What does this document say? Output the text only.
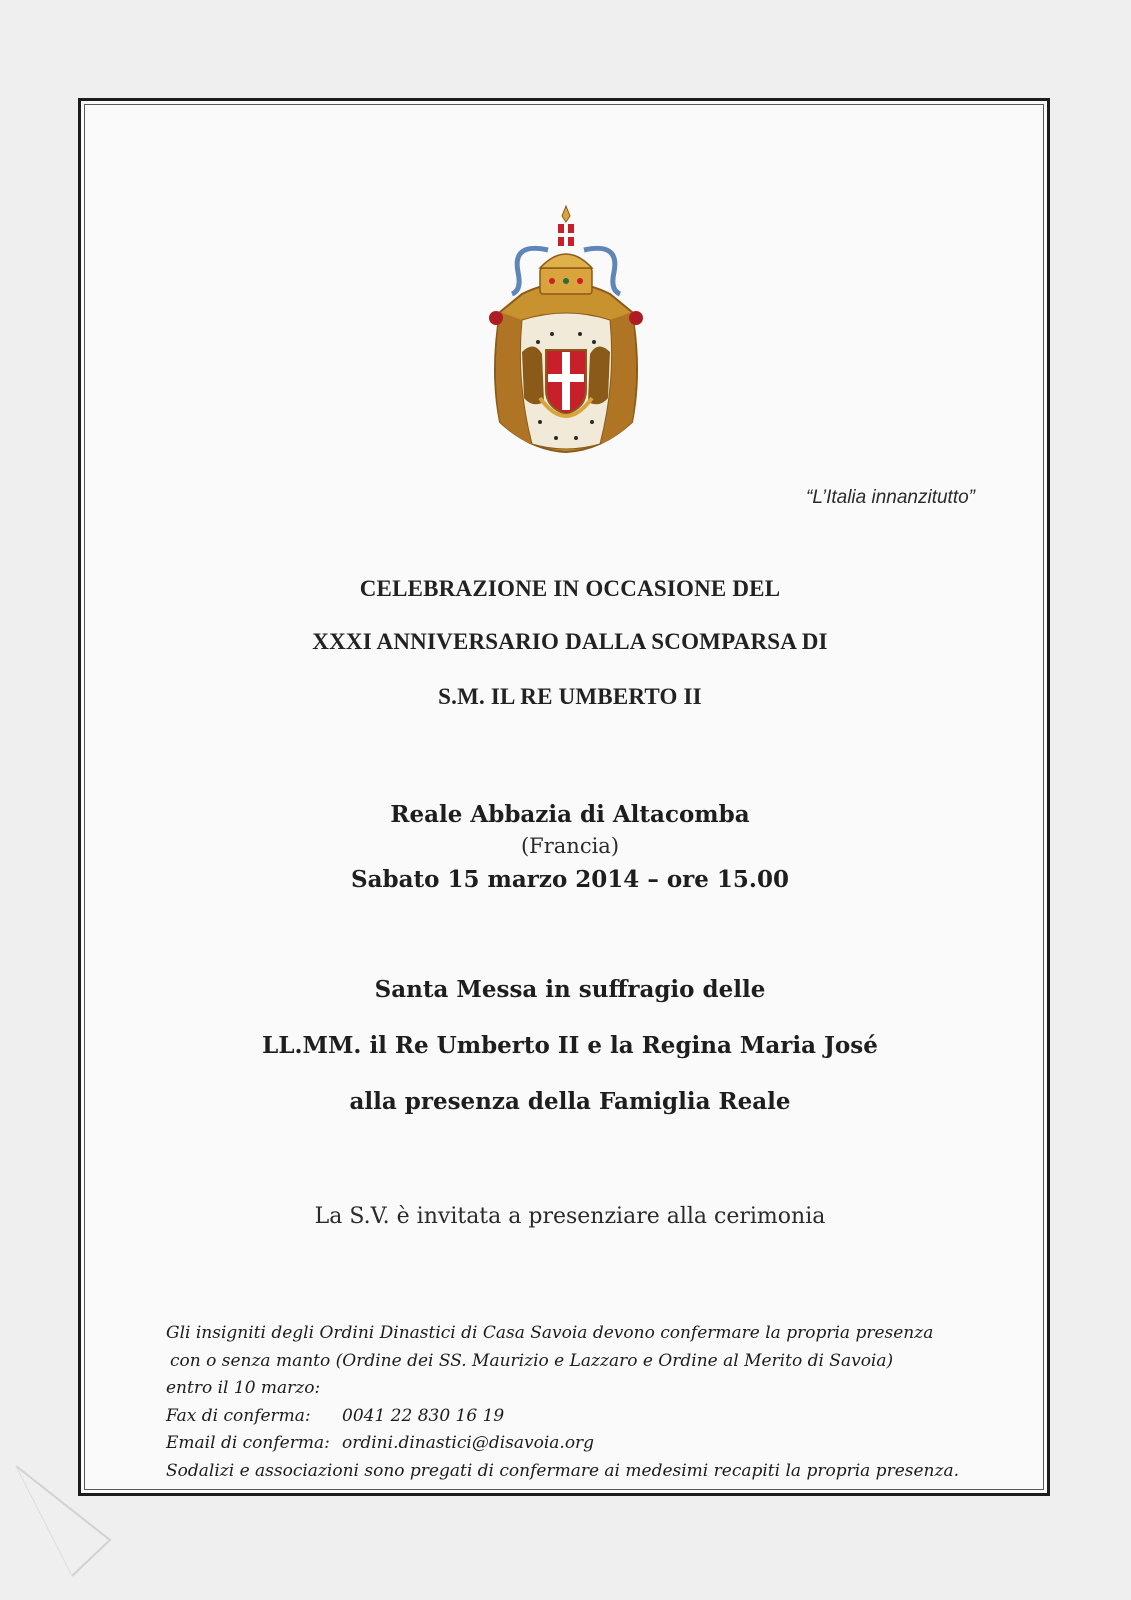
“L’Italia innanzitutto”
CELEBRAZIONE IN OCCASIONE DEL
XXXI ANNIVERSARIO DALLA SCOMPARSA DI
S.M. IL RE UMBERTO II
Reale Abbazia di Altacomba
(Francia)
Sabato 15 marzo 2014 – ore 15.00
Santa Messa in suffragio delle
LL.MM. il Re Umberto II e la Regina Maria José
alla presenza della Famiglia Reale
La S.V. è invitata a presenziare alla cerimonia
Gli insigniti degli Ordini Dinastici di Casa Savoia devono confermare la propria presenza
con o senza manto (Ordine dei SS. Maurizio e Lazzaro e Ordine al Merito di Savoia)
entro il 10 marzo:
Fax di conferma: 0041 22 830 16 19
Email di conferma: ordini.dinastici@disavoia.org
Sodalizi e associazioni sono pregati di confermare ai medesimi recapiti la propria presenza.
